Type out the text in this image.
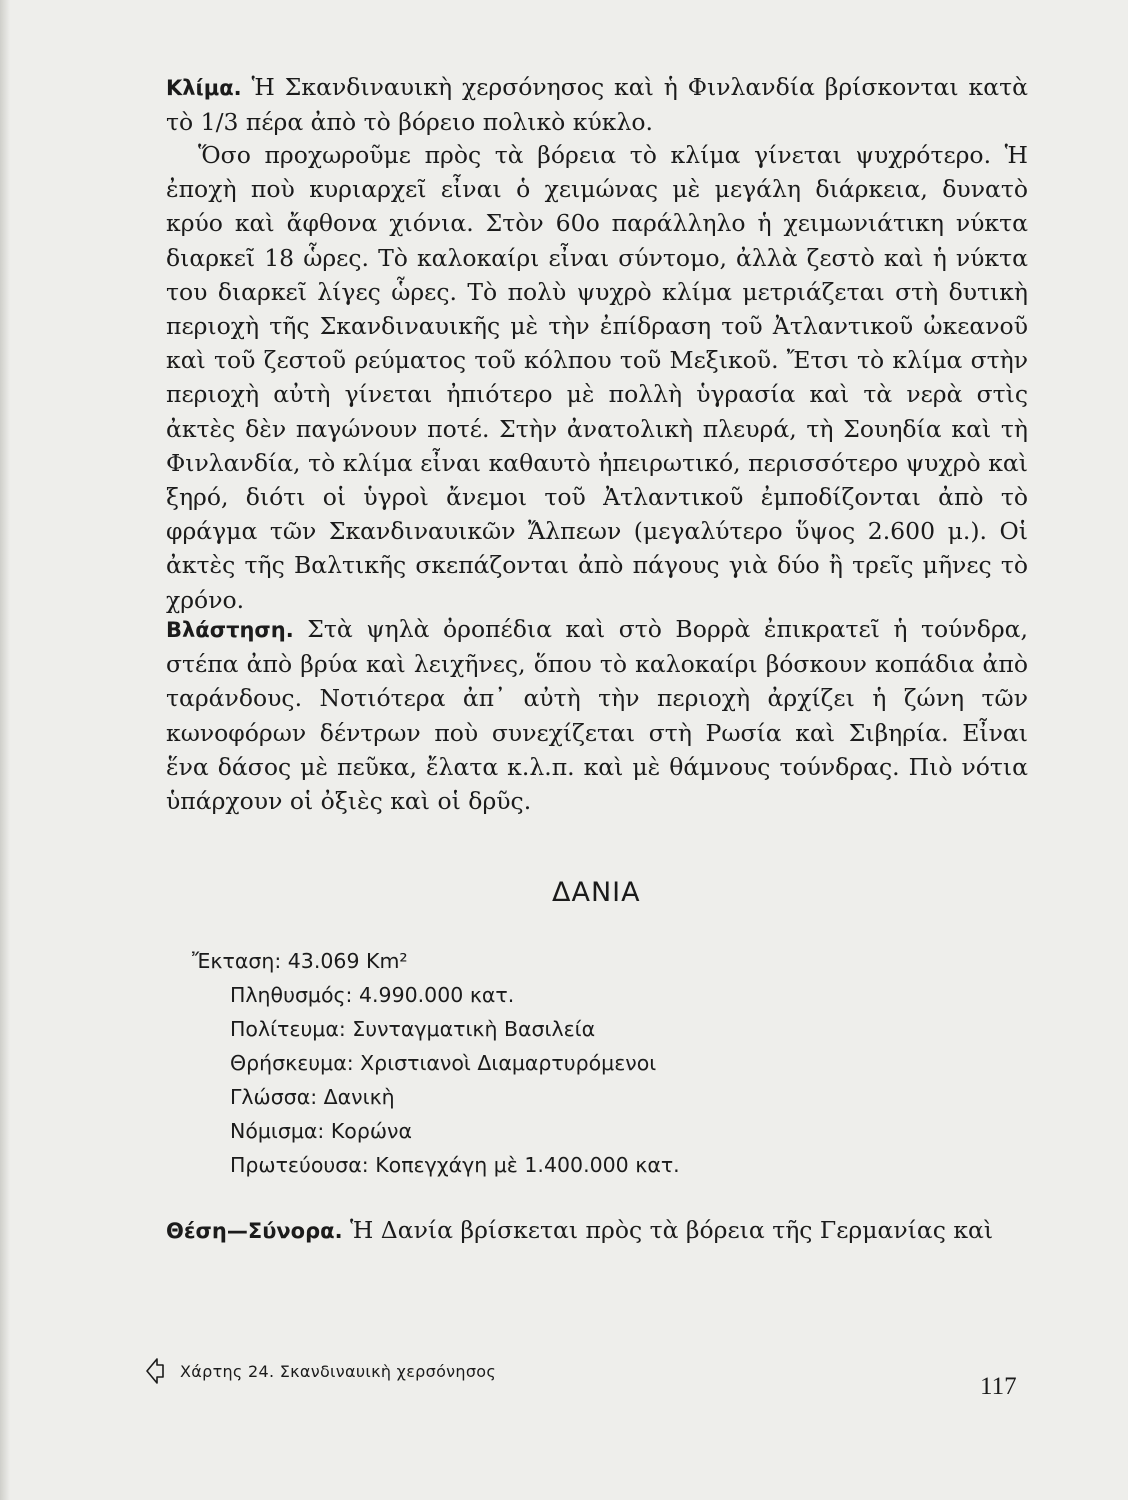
Κλίμα. Ἡ Σκανδιναυικὴ χερσόνησος καὶ ἡ Φινλανδία βρίσκονται κατὰ τὸ 1/3 πέρα ἀπὸ τὸ βόρειο πολικὸ κύκλο.

Ὅσο προχωροῦμε πρὸς τὰ βόρεια τὸ κλίμα γίνεται ψυχρότερο. Ἡ ἐποχὴ ποὺ κυριαρχεῖ εἶναι ὁ χειμώνας μὲ μεγάλη διάρκεια, δυνατὸ κρύο καὶ ἄφθονα χιόνια. Στὸν 60ο παράλληλο ἡ χειμωνιάτικη νύκτα διαρκεῖ 18 ὧρες. Τὸ καλοκαίρι εἶναι σύντομο, ἀλλὰ ζεστὸ καὶ ἡ νύκτα του διαρκεῖ λίγες ὧρες. Τὸ πολὺ ψυχρὸ κλίμα μετριάζεται στὴ δυτικὴ περιοχὴ τῆς Σκανδιναυικῆς μὲ τὴν ἐπίδραση τοῦ Ἀτλαντικοῦ ὠκεανοῦ καὶ τοῦ ζεστοῦ ρεύματος τοῦ κόλπου τοῦ Μεξικοῦ. Ἔτσι τὸ κλίμα στὴν περιοχὴ αὐτὴ γίνεται ἠπιότερο μὲ πολλὴ ὑγρασία καὶ τὰ νερὰ στὶς ἀκτὲς δὲν παγώνουν ποτέ. Στὴν ἀνατολικὴ πλευρά, τὴ Σουηδία καὶ τὴ Φινλανδία, τὸ κλίμα εἶναι καθαυτὸ ἠπειρωτικό, περισσότερο ψυχρὸ καὶ ξηρό, διότι οἱ ὑγροὶ ἄνεμοι τοῦ Ἀτλαντικοῦ ἐμποδίζονται ἀπὸ τὸ φράγμα τῶν Σκανδιναυικῶν Ἄλπεων (μεγαλύτερο ὕψος 2.600 μ.). Οἱ ἀκτὲς τῆς Βαλτικῆς σκεπάζονται ἀπὸ πάγους γιὰ δύο ἢ τρεῖς μῆνες τὸ χρόνο.

Βλάστηση. Στὰ ψηλὰ ὀροπέδια καὶ στὸ Βορρὰ ἐπικρατεῖ ἡ τούνδρα, στέπα ἀπὸ βρύα καὶ λειχῆνες, ὅπου τὸ καλοκαίρι βόσκουν κοπάδια ἀπὸ ταράνδους. Νοτιότερα ἀπ᾽ αὐτὴ τὴν περιοχὴ ἀρχίζει ἡ ζώνη τῶν κωνοφόρων δέντρων ποὺ συνεχίζεται στὴ Ρωσία καὶ Σιβηρία. Εἶναι ἕνα δάσος μὲ πεῦκα, ἔλατα κ.λ.π. καὶ μὲ θάμνους τούνδρας. Πιὸ νότια ὑπάρχουν οἱ ὀξιὲς καὶ οἱ δρῦς.

ΔΑΝΙΑ
Ἔκταση: 43.069 Km²
Πληθυσμός: 4.990.000 κατ.
Πολίτευμα: Συνταγματικὴ Βασιλεία
Θρήσκευμα: Χριστιανοὶ Διαμαρτυρόμενοι
Γλώσσα: Δανικὴ
Νόμισμα: Κορώνα
Πρωτεύουσα: Κοπεγχάγη μὲ 1.400.000 κατ.

Θέση—Σύνορα. Ἡ Δανία βρίσκεται πρὸς τὰ βόρεια τῆς Γερμανίας καὶ

Χάρτης 24. Σκανδιναυικὴ χερσόνησος
117
